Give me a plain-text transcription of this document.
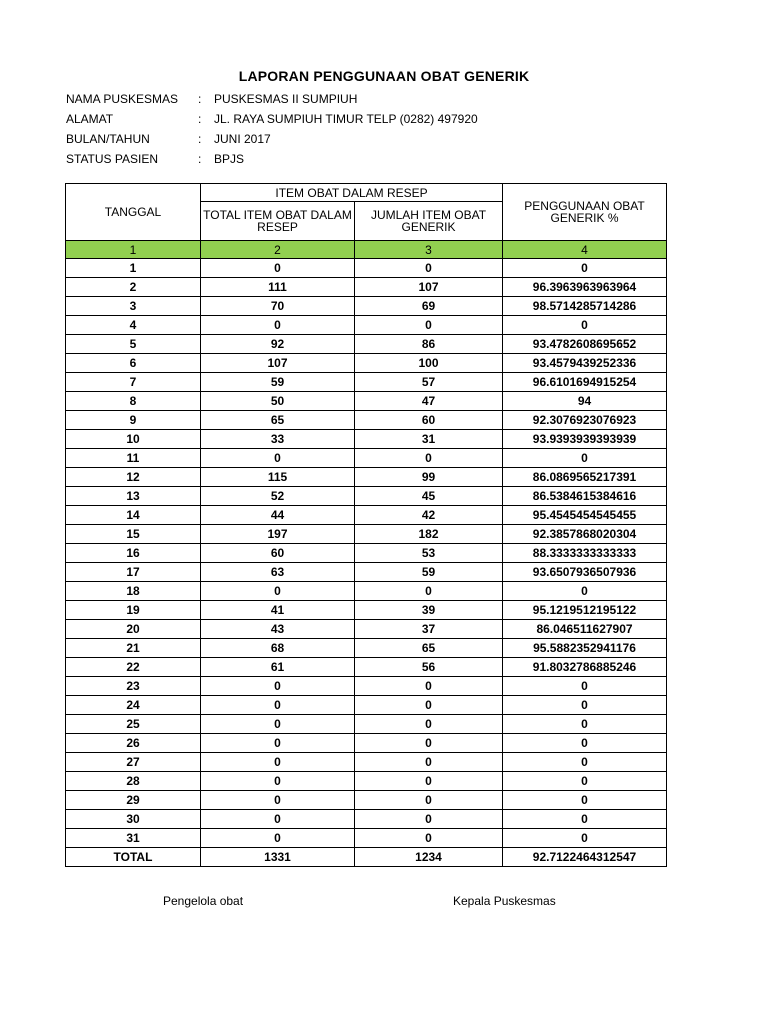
LAPORAN PENGGUNAAN OBAT GENERIK
NAMA PUSKESMAS	:	PUSKESMAS II SUMPIUH
ALAMAT	:	JL. RAYA SUMPIUH TIMUR TELP (0282) 497920
BULAN/TAHUN	:	JUNI 2017
STATUS PASIEN	:	BPJS
TANGGAL	ITEM OBAT DALAM RESEP		PENGGUNAAN OBAT GENERIK %
	TOTAL ITEM OBAT DALAM RESEP	JUMLAH ITEM OBAT GENERIK	
1	2	3	4
1	0	0	0
2	111	107	96.3963963963964
3	70	69	98.5714285714286
4	0	0	0
5	92	86	93.4782608695652
6	107	100	93.4579439252336
7	59	57	96.6101694915254
8	50	47	94
9	65	60	92.3076923076923
10	33	31	93.9393939393939
11	0	0	0
12	115	99	86.0869565217391
13	52	45	86.5384615384616
14	44	42	95.4545454545455
15	197	182	92.3857868020304
16	60	53	88.3333333333333
17	63	59	93.6507936507936
18	0	0	0
19	41	39	95.1219512195122
20	43	37	86.046511627907
21	68	65	95.5882352941176
22	61	56	91.8032786885246
23	0	0	0
24	0	0	0
25	0	0	0
26	0	0	0
27	0	0	0
28	0	0	0
29	0	0	0
30	0	0	0
31	0	0	0
TOTAL	1331	1234	92.7122464312547
Pengelola obat	Kepala Puskesmas
